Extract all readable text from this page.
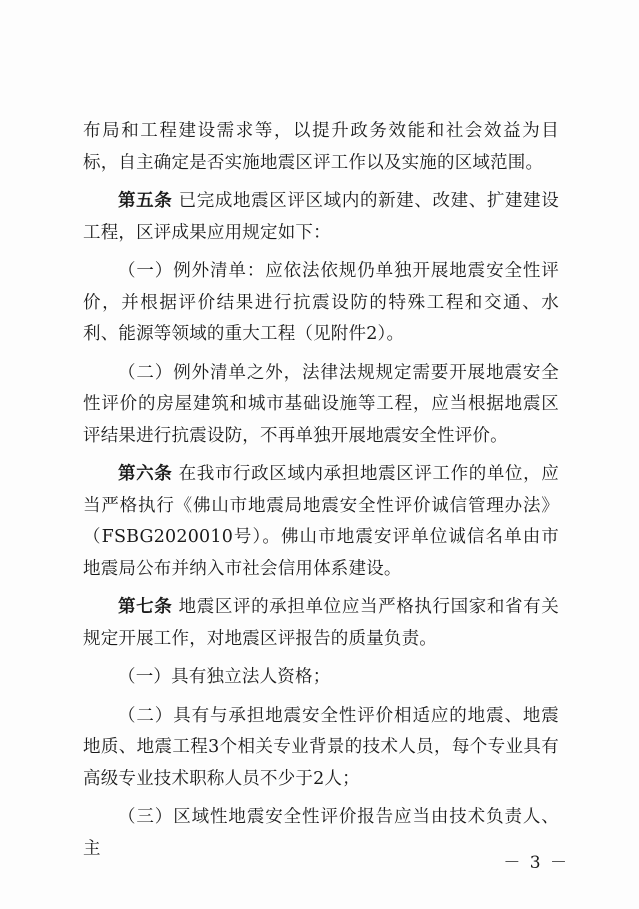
布局和工程建设需求等，以提升政务效能和社会效益为目标，自主确定是否实施地震区评工作以及实施的区域范围。

第五条 已完成地震区评区域内的新建、改建、扩建建设工程，区评成果应用规定如下：

（一）例外清单：应依法依规仍单独开展地震安全性评价，并根据评价结果进行抗震设防的特殊工程和交通、水利、能源等领域的重大工程（见附件2）。

（二）例外清单之外，法律法规规定需要开展地震安全性评价的房屋建筑和城市基础设施等工程，应当根据地震区评结果进行抗震设防，不再单独开展地震安全性评价。

第六条 在我市行政区域内承担地震区评工作的单位，应当严格执行《佛山市地震局地震安全性评价诚信管理办法》（FSBG2020010号）。佛山市地震安评单位诚信名单由市地震局公布并纳入市社会信用体系建设。

第七条 地震区评的承担单位应当严格执行国家和省有关规定开展工作，对地震区评报告的质量负责。

（一）具有独立法人资格；

（二）具有与承担地震安全性评价相适应的地震、地震地质、地震工程3个相关专业背景的技术人员，每个专业具有高级专业技术职称人员不少于2人；

（三）区域性地震安全性评价报告应当由技术负责人、主

－ 3 －
